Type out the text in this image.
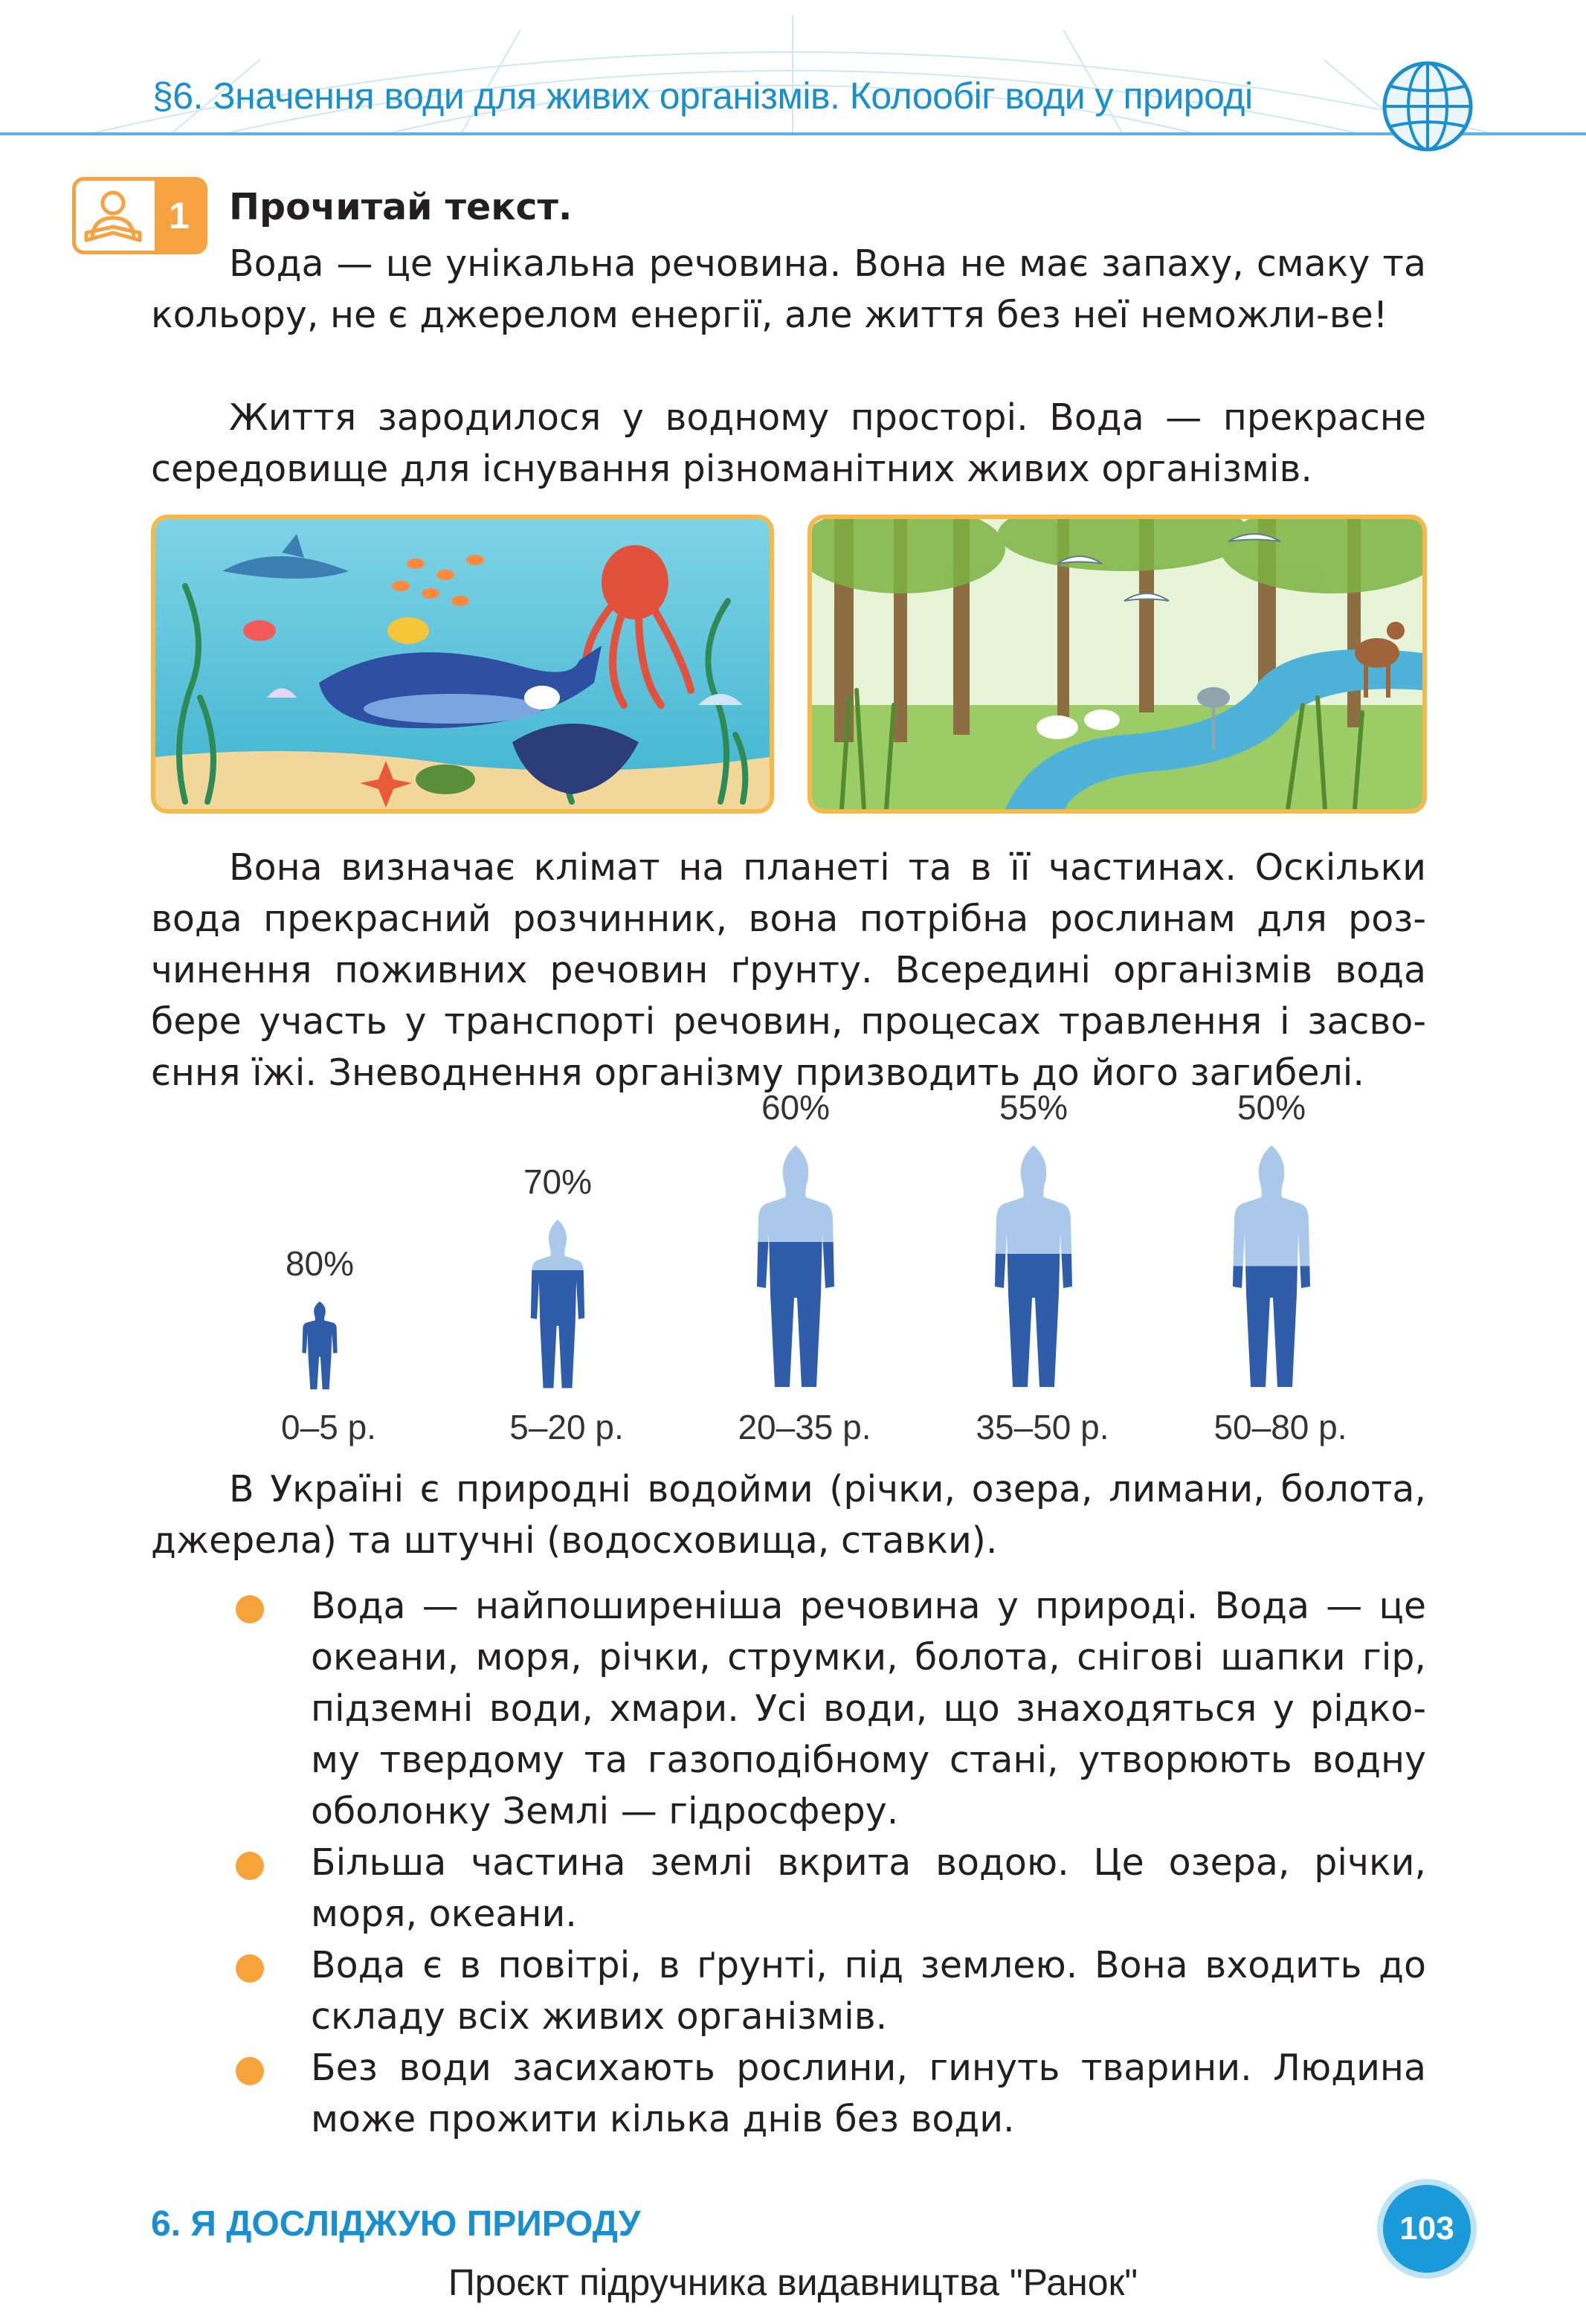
§6. Значення води для живих організмів. Колообіг води у природі
1	Прочитай текст.
Вода — це унікальна речовина. Вона не має запаху, смаку та кольору, не є джерелом енергії, але життя без неї неможли-ве!
Життя зародилося у водному просторі. Вода — прекрасне середовище для існування різноманітних живих організмів.
Вона визначає клімат на планеті та в її частинах. Оскільки вода прекрасний розчинник, вона потрібна рослинам для роз-чинення поживних речовин ґрунту. Всередині організмів вода бере участь у транспорті речовин, процесах травлення і засво-єння їжі. Зневоднення організму призводить до його загибелі.
80%
70%
60%	55%	50%
0–5 р.	5–20 р.	20–35 р.	35–50 р.	50–80 р.
В Україні є природні водойми (річки, озера, лимани, болота, джерела) та штучні (водосховища, ставки).
Вода — найпоширеніша речовина у природі. Вода — це океани, моря, річки, струмки, болота, снігові шапки гір, підземні води, хмари. Усі води, що знаходяться у рідко-му твердому та газоподібному стані, утворюють водну оболонку Землі — гідросферу.
Більша частина землі вкрита водою. Це озера, річки, моря, океани.
Вода є в повітрі, в ґрунті, під землею. Вона входить до складу всіх живих організмів.
Без води засихають рослини, гинуть тварини. Людина може прожити кілька днів без води.
6. Я ДОСЛІДЖУЮ ПРИРОДУ	103
Проєкт підручника видавництва "Ранок"
